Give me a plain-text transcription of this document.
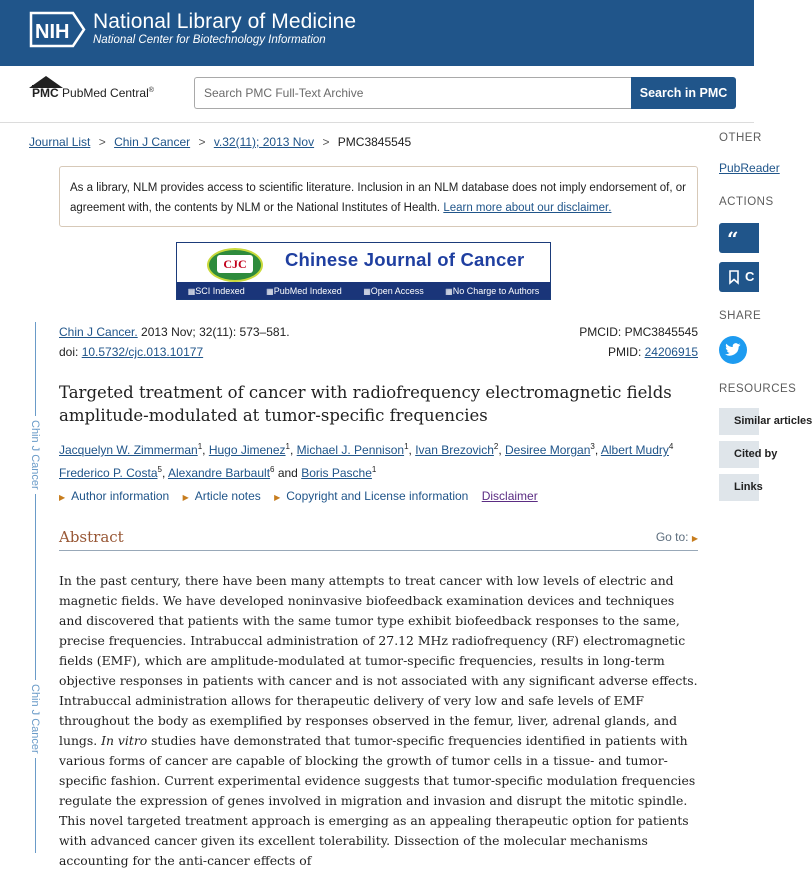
NIH National Library of Medicine
National Center for Biotechnology Information
PMC PubMed Central®
Search PMC Full-Text Archive	Search in PMC
Journal List > Chin J Cancer > v.32(11); 2013 Nov > PMC3845545
As a library, NLM provides access to scientific literature. Inclusion in an NLM database does not imply endorsement of, or agreement with, the contents by NLM or the National Institutes of Health. Learn more about our disclaimer.
CJC	Chinese Journal of Cancer
▦ SCI Indexed	▦ PubMed Indexed	▦ Open Access	▦ No Charge to Authors
Chin J Cancer
Chin J Cancer
Chin J Cancer. 2013 Nov; 32(11): 573–581.
doi: 10.5732/cjc.013.10177
PMCID: PMC3845545
PMID: 24206915
Targeted treatment of cancer with radiofrequency electromagnetic fields amplitude-modulated at tumor-specific frequencies
Jacquelyn W. Zimmerman$^1$, Hugo Jimenez$^1$, Michael J. Pennison$^1$, Ivan Brezovich$^2$, Desiree Morgan$^3$, Albert Mudry$^4$
Frederico P. Costa$^5$, Alexandre Barbault$^6$ and Boris Pasche$^1$
▶ Author information ▶ Article notes ▶ Copyright and License information Disclaimer
Abstract	Go to: ▶
In the past century, there have been many attempts to treat cancer with low levels of electric and magnetic fields. We have developed noninvasive biofeedback examination devices and techniques and discovered that patients with the same tumor type exhibit biofeedback responses to the same, precise frequencies. Intrabuccal administration of 27.12 MHz radiofrequency (RF) electromagnetic fields (EMF), which are amplitude-modulated at tumor-specific frequencies, results in long-term objective responses in patients with cancer and is not associated with any significant adverse effects. Intrabuccal administration allows for therapeutic delivery of very low and safe levels of EMF throughout the body as exemplified by responses observed in the femur, liver, adrenal glands, and lungs. In vitro studies have demonstrated that tumor-specific frequencies identified in patients with various forms of cancer are capable of blocking the growth of tumor cells in a tissue- and tumor-specific fashion. Current experimental evidence suggests that tumor-specific modulation frequencies regulate the expression of genes involved in migration and invasion and disrupt the mitotic spindle. This novel targeted treatment approach is emerging as an appealing therapeutic option for patients with advanced cancer given its excellent tolerability. Dissection of the molecular mechanisms accounting for the anti-cancer effects of
OTHER
PubReader
ACTIONS
“
C
SHARE
RESOURCES
Similar articles
Cited by
Links
